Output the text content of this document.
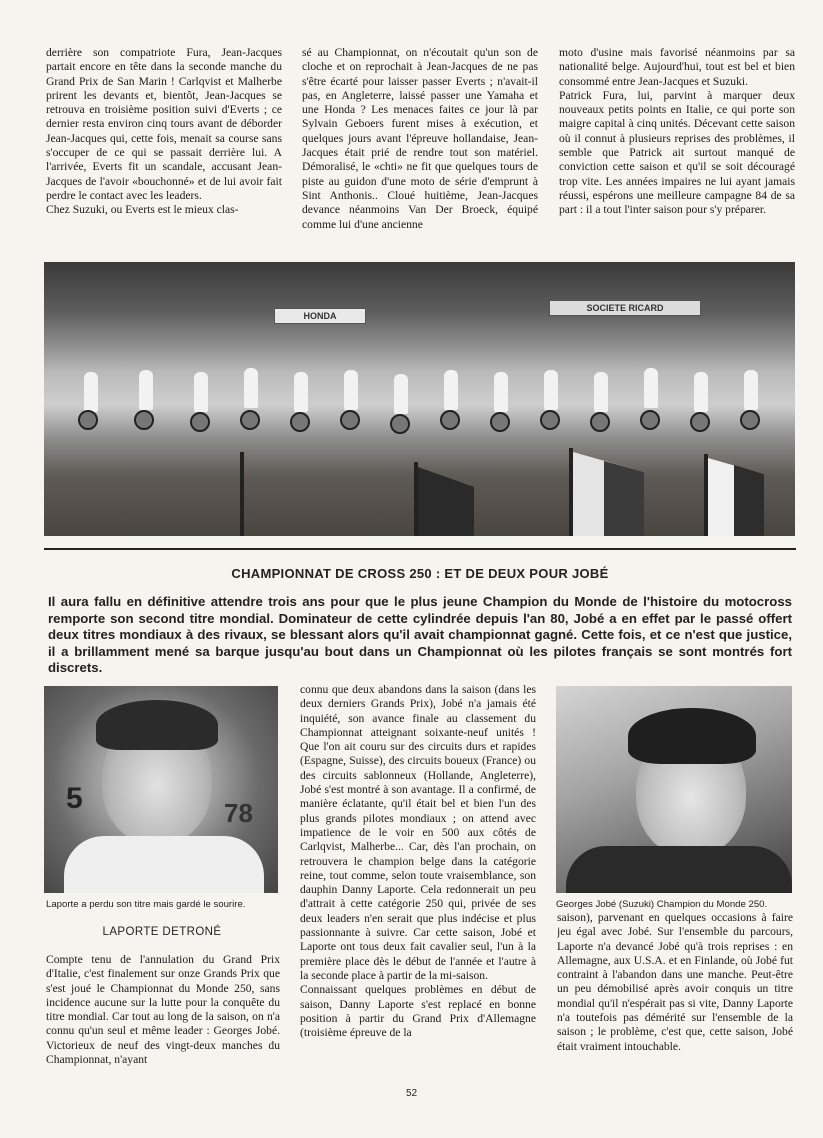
derrière son compatriote Fura, Jean-Jacques partait encore en tête dans la seconde manche du Grand Prix de San Marin ! Carlqvist et Malherbe prirent les devants et, bientôt, Jean-Jacques se retrouva en troisième position suivi d'Everts ; ce dernier resta environ cinq tours avant de déborder Jean-Jacques qui, cette fois, menait sa course sans s'occuper de ce qui se passait derrière lui. A l'arrivée, Everts fit un scandale, accusant Jean-Jacques de l'avoir «bouchonné» et de lui avoir fait perdre le contact avec les leaders.
Chez Suzuki, ou Everts est le mieux clas-
sé au Championnat, on n'écoutait qu'un son de cloche et on reprochait à Jean-Jacques de ne pas s'être écarté pour laisser passer Everts ; n'avait-il pas, en Angleterre, laissé passer une Yamaha et une Honda ? Les menaces faites ce jour là par Sylvain Geboers furent mises à exécution, et quelques jours avant l'épreuve hollandaise, Jean-Jacques était prié de rendre tout son matériel. Démoralisé, le «chti» ne fit que quelques tours de piste au guidon d'une moto de série d'emprunt à Sint Anthonis.. Cloué huitième, Jean-Jacques devance néanmoins Van Der Broeck, équipé comme lui d'une ancienne
moto d'usine mais favorisé néanmoins par sa nationalité belge. Aujourd'hui, tout est bel et bien consommé entre Jean-Jacques et Suzuki.
Patrick Fura, lui, parvint à marquer deux nouveaux petits points en Italie, ce qui porte son maigre capital à cinq unités. Décevant cette saison où il connut à plusieurs reprises des problèmes, il semble que Patrick ait surtout manqué de conviction cette saison et qu'il se soit découragé trop vite. Les années impaires ne lui ayant jamais réussi, espérons une meilleure campagne 84 de sa part : il a tout l'inter saison pour s'y préparer.
HONDA
SOCIETE RICARD
CHAMPIONNAT DE CROSS 250 : ET DE DEUX POUR JOBÉ
Il aura fallu en définitive attendre trois ans pour que le plus jeune Champion du Monde de l'histoire du motocross remporte son second titre mondial. Dominateur de cette cylindrée depuis l'an 80, Jobé a en effet par le passé offert deux titres mondiaux à des rivaux, se blessant alors qu'il avait championnat gagné. Cette fois, et ce n'est que justice, il a brillamment mené sa barque jusqu'au bout dans un Championnat où les pilotes français se sont montrés fort discrets.
5	78
Laporte a perdu son titre mais gardé le sourire.
LAPORTE DETRONÉ
Compte tenu de l'annulation du Grand Prix d'Italie, c'est finalement sur onze Grands Prix que s'est joué le Championnat du Monde 250, sans incidence aucune sur la lutte pour la conquête du titre mondial. Car tout au long de la saison, on n'a connu qu'un seul et même leader : Georges Jobé. Victorieux de neuf des vingt-deux manches du Championnat, n'ayant
connu que deux abandons dans la saison (dans les deux derniers Grands Prix), Jobé n'a jamais été inquiété, son avance finale au classement du Championnat atteignant soixante-neuf unités ! Que l'on ait couru sur des circuits durs et rapides (Espagne, Suisse), des circuits boueux (France) ou des circuits sablonneux (Hollande, Angleterre), Jobé s'est montré à son avantage. Il a confirmé, de manière éclatante, qu'il était bel et bien l'un des plus grands pilotes mondiaux ; on attend avec impatience de le voir en 500 aux côtés de Carlqvist, Malherbe... Car, dès l'an prochain, on retrouvera le champion belge dans la catégorie reine, tout comme, selon toute vraisemblance, son dauphin Danny Laporte. Cela redonnerait un peu d'attrait à cette catégorie 250 qui, privée de ses deux leaders n'en serait que plus indécise et plus passionnante à suivre. Car cette saison, Jobé et Laporte ont tous deux fait cavalier seul, l'un à la première place dès le début de l'année et l'autre à la seconde place à partir de la mi-saison.
Connaissant quelques problèmes en début de saison, Danny Laporte s'est replacé en bonne position à partir du Grand Prix d'Allemagne (troisième épreuve de la
Georges Jobé (Suzuki) Champion du Monde 250.
saison), parvenant en quelques occasions à faire jeu égal avec Jobé. Sur l'ensemble du parcours, Laporte n'a devancé Jobé qu'à trois reprises : en Allemagne, aux U.S.A. et en Finlande, où Jobé fut contraint à l'abandon dans une manche. Peut-être un peu démobilisé après avoir conquis un titre mondial qu'il n'espérait pas si vite, Danny Laporte n'a toutefois pas démérité sur l'ensemble de la saison ; le problème, c'est que, cette saison, Jobé était vraiment intouchable.
52
